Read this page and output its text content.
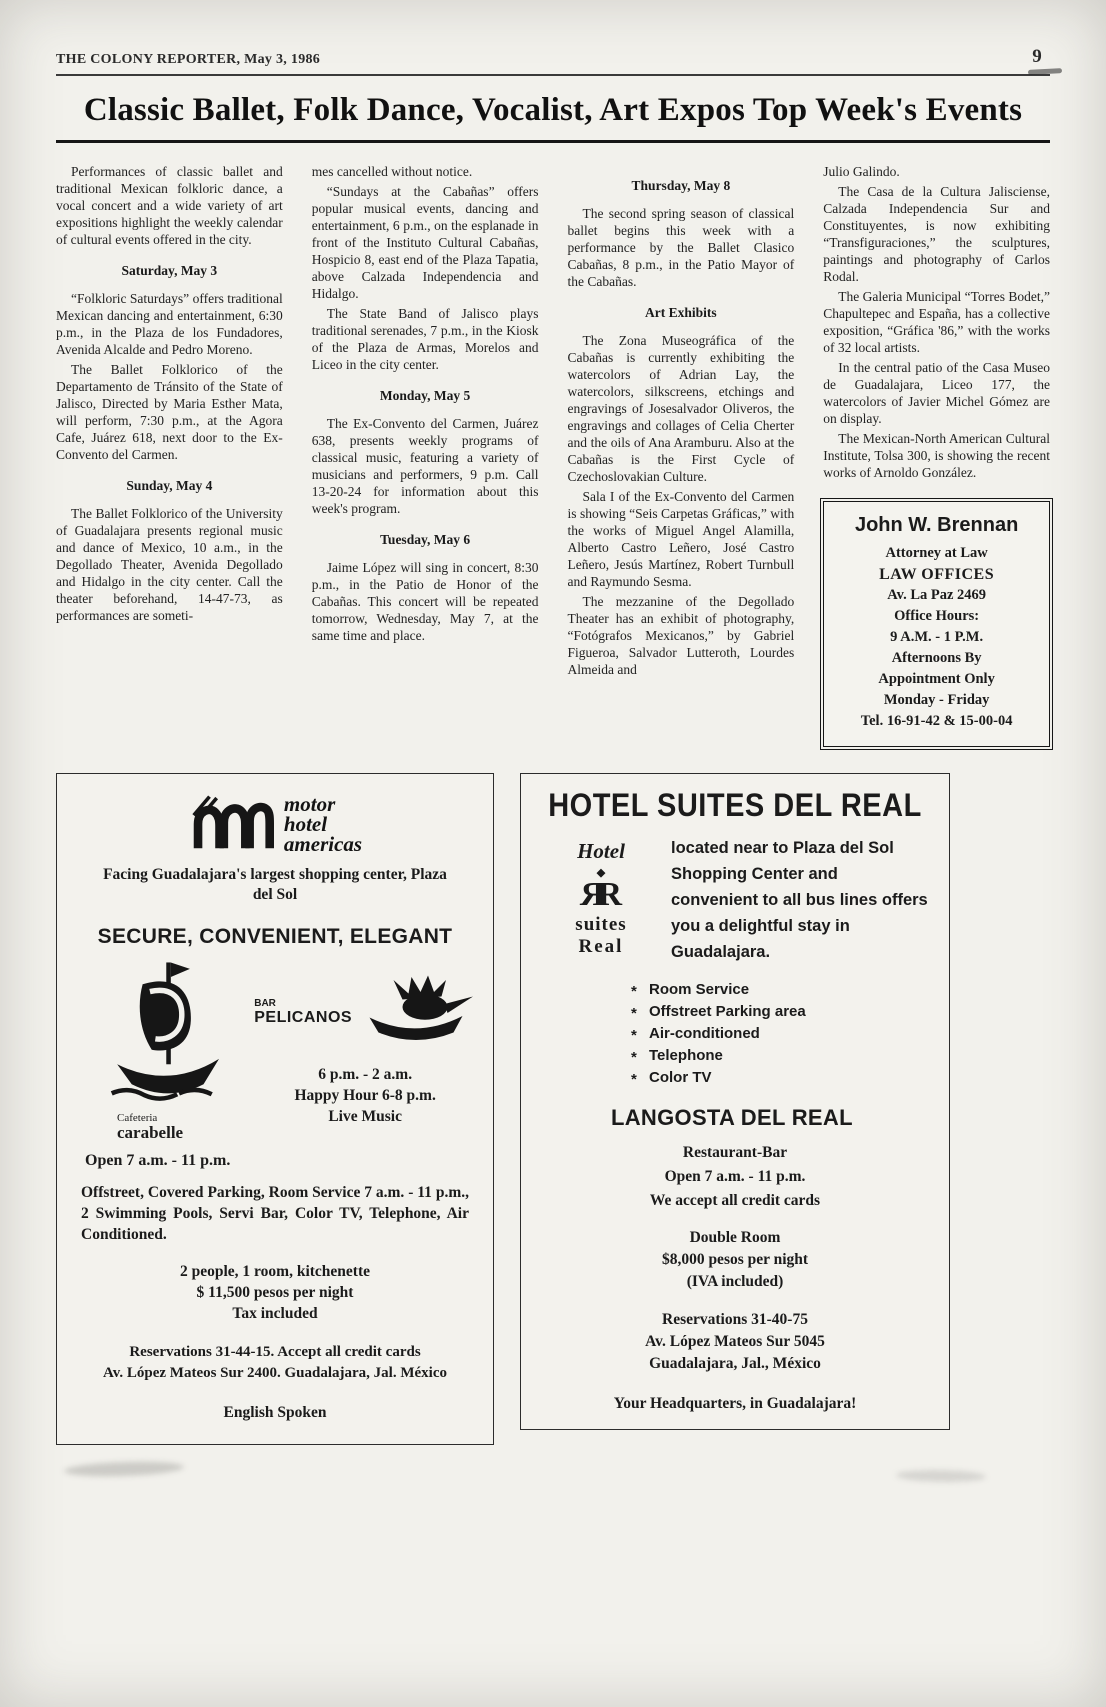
THE COLONY REPORTER, May 3, 1986	9
Classic Ballet, Folk Dance, Vocalist, Art Expos Top Week's Events

Performances of classic ballet and traditional Mexican folkloric dance, a vocal concert and a wide variety of art expositions highlight the weekly calendar of cultural events offered in the city.

Saturday, May 3

“Folkloric Saturdays” offers traditional Mexican dancing and entertainment, 6:30 p.m., in the Plaza de los Fundadores, Avenida Alcalde and Pedro Moreno.

The Ballet Folklorico of the Departamento de Tránsito of the State of Jalisco, Directed by Maria Esther Mata, will perform, 7:30 p.m., at the Agora Cafe, Juárez 618, next door to the Ex-Convento del Carmen.

Sunday, May 4

The Ballet Folklorico of the University of Guadalajara presents regional music and dance of Mexico, 10 a.m., in the Degollado Theater, Avenida Degollado and Hidalgo in the city center. Call the theater beforehand, 14-47-73, as performances are someti-

mes cancelled without notice.

“Sundays at the Cabañas” offers popular musical events, dancing and entertainment, 6 p.m., on the esplanade in front of the Instituto Cultural Cabañas, Hospicio 8, east end of the Plaza Tapatia, above Calzada Independencia and Hidalgo.

The State Band of Jalisco plays traditional serenades, 7 p.m., in the Kiosk of the Plaza de Armas, Morelos and Liceo in the city center.

Monday, May 5

The Ex-Convento del Carmen, Juárez 638, presents weekly programs of classical music, featuring a variety of musicians and performers, 9 p.m. Call 13-20-24 for information about this week's program.

Tuesday, May 6

Jaime López will sing in concert, 8:30 p.m., in the Patio de Honor of the Cabañas. This concert will be repeated tomorrow, Wednesday, May 7, at the same time and place.

Thursday, May 8

The second spring season of classical ballet begins this week with a performance by the Ballet Clasico Cabañas, 8 p.m., in the Patio Mayor of the Cabañas.

Art Exhibits

The Zona Museográfica of the Cabañas is currently exhibiting the watercolors of Adrian Lay, the watercolors, silkscreens, etchings and engravings of Josesalvador Oliveros, the engravings and collages of Celia Cherter and the oils of Ana Aramburu. Also at the Cabañas is the First Cycle of Czechoslovakian Culture.

Sala I of the Ex-Convento del Carmen is showing “Seis Carpetas Gráficas,” with the works of Miguel Angel Alamilla, Alberto Castro Leñero, José Castro Leñero, Jesús Martínez, Robert Turnbull and Raymundo Sesma.

The mezzanine of the Degollado Theater has an exhibit of photography, “Fotógrafos Mexicanos,” by Gabriel Figueroa, Salvador Lutteroth, Lourdes Almeida and

Julio Galindo.

The Casa de la Cultura Jalisciense, Calzada Independencia Sur and Constituyentes, is now exhibiting “Transfiguraciones,” the sculptures, paintings and photography of Carlos Rodal.

The Galeria Municipal “Torres Bodet,” Chapultepec and España, has a collective exposition, “Gráfica '86,” with the works of 32 local artists.

In the central patio of the Casa Museo de Guadalajara, Liceo 177, the watercolors of Javier Michel Gómez are on display.

The Mexican-North American Cultural Institute, Tolsa 300, is showing the recent works of Arnoldo González.

John W. Brennan
Attorney at Law
LAW OFFICES
Av. La Paz 2469
Office Hours:
9 A.M. - 1 P.M.
Afternoons By
Appointment Only
Monday - Friday
Tel. 16-91-42 & 15-00-04
motor
hotel
americas

Facing Guadalajara's largest shopping center, Plaza del Sol

SECURE, CONVENIENT, ELEGANT

Cafeteria
carabelle
BAR
PELICANOS
6 p.m. - 2 a.m.
Happy Hour 6-8 p.m.
Live Music

Open 7 a.m. - 11 p.m.

Offstreet, Covered Parking, Room Service 7 a.m. - 11 p.m., 2 Swimming Pools, Servi Bar, Color TV, Telephone, Air Conditioned.

2 people, 1 room, kitchenette
$ 11,500 pesos per night
Tax included
Reservations 31-44-15. Accept all credit cards
Av. López Mateos Sur 2400. Guadalajara, Jal. México

English Spoken

HOTEL SUITES DEL REAL
Hotel
◆
RR
suites
Real

located near to Plaza del Sol Shopping Center and convenient to all bus lines offers you a delightful stay in Guadalajara.

* Room Service
* Offstreet Parking area
* Air-conditioned
* Telephone
* Color TV
LANGOSTA DEL REAL
Restaurant-Bar
Open 7 a.m. - 11 p.m.
We accept all credit cards
Double Room
$8,000 pesos per night
(IVA included)
Reservations 31-40-75
Av. López Mateos Sur 5045
Guadalajara, Jal., México

Your Headquarters, in Guadalajara!
